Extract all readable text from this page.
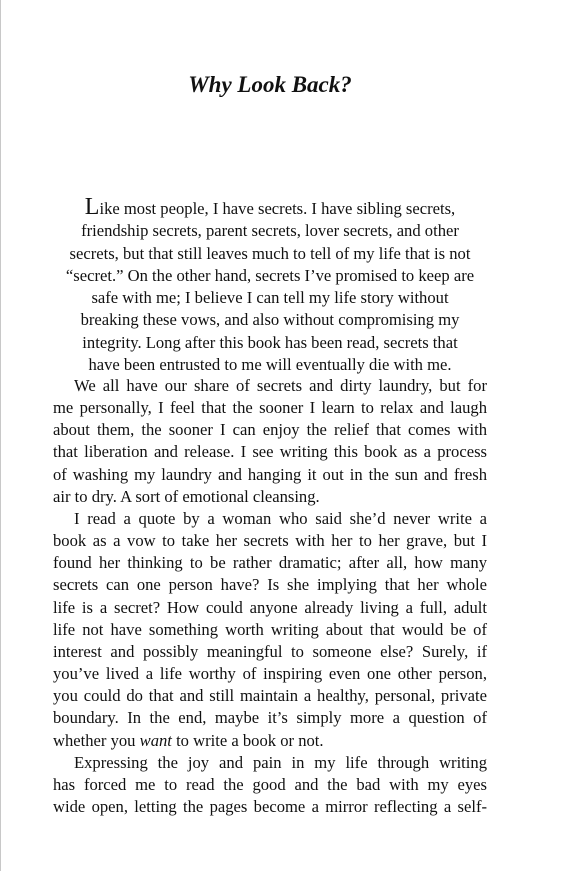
Why Look Back?
Like most people, I have secrets. I have sibling secrets,
friendship secrets, parent secrets, lover secrets, and other
secrets, but that still leaves much to tell of my life that is not
“secret.” On the other hand, secrets I’ve promised to keep are
safe with me; I believe I can tell my life story without
breaking these vows, and also without compromising my
integrity. Long after this book has been read, secrets that
have been entrusted to me will eventually die with me.
We all have our share of secrets and dirty laundry, but for
me personally, I feel that the sooner I learn to relax and laugh
about them, the sooner I can enjoy the relief that comes with
that liberation and release. I see writing this book as a process
of washing my laundry and hanging it out in the sun and fresh
air to dry. A sort of emotional cleansing.
I read a quote by a woman who said she’d never write a
book as a vow to take her secrets with her to her grave, but I
found her thinking to be rather dramatic; after all, how many
secrets can one person have? Is she implying that her whole
life is a secret? How could anyone already living a full, adult
life not have something worth writing about that would be of
interest and possibly meaningful to someone else? Surely, if
you’ve lived a life worthy of inspiring even one other person,
you could do that and still maintain a healthy, personal, private
boundary. In the end, maybe it’s simply more a question of
whether you want to write a book or not.
Expressing the joy and pain in my life through writing
has forced me to read the good and the bad with my eyes
wide open, letting the pages become a mirror reflecting a self-
